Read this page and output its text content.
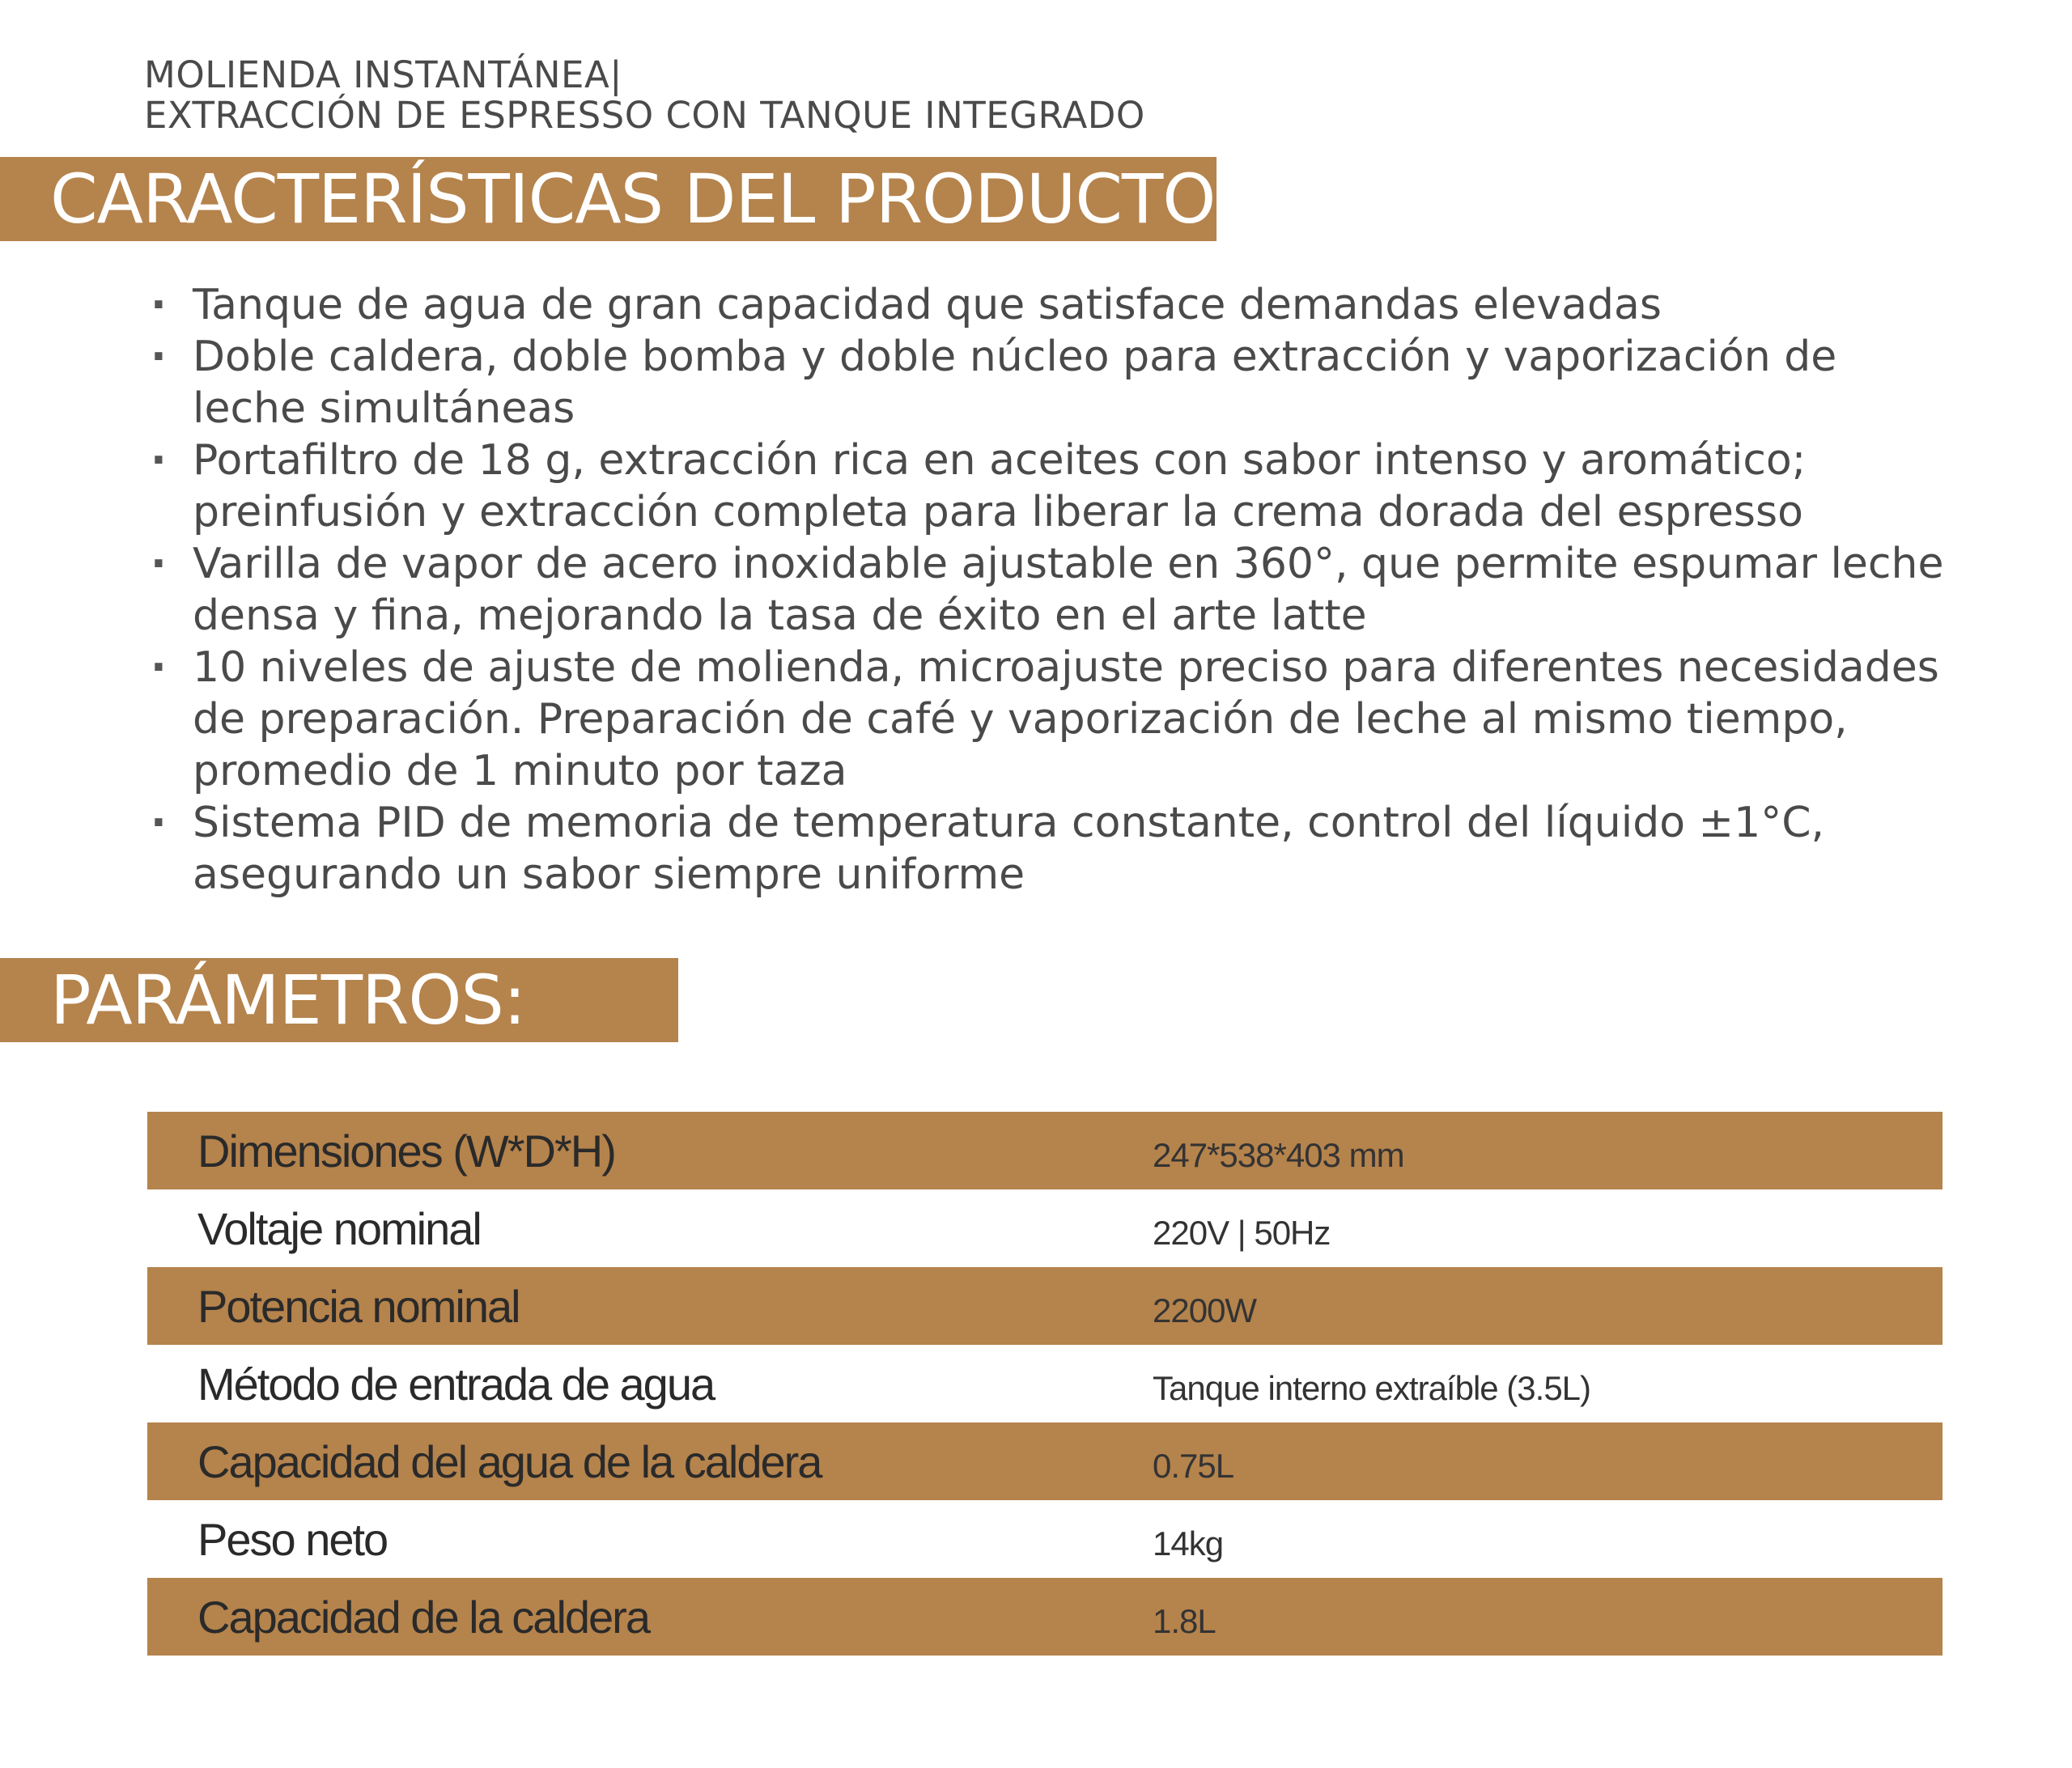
MOLIENDA INSTANTÁNEA|
EXTRACCIÓN DE ESPRESSO CON TANQUE INTEGRADO
CARACTERÍSTICAS DEL PRODUCTO:
· Tanque de agua de gran capacidad que satisface demandas elevadas
· Doble caldera, doble bomba y doble núcleo para extracción y vaporización de leche simultáneas
· Portafiltro de 18 g, extracción rica en aceites con sabor intenso y aromático; preinfusión y extracción completa para liberar la crema dorada del espresso
· Varilla de vapor de acero inoxidable ajustable en 360°, que permite espumar leche densa y fina, mejorando la tasa de éxito en el arte latte
· 10 niveles de ajuste de molienda, microajuste preciso para diferentes necesidades de preparación. Preparación de café y vaporización de leche al mismo tiempo, promedio de 1 minuto por taza
· Sistema PID de memoria de temperatura constante, control del líquido ±1°C, asegurando un sabor siempre uniforme
PARÁMETROS:
Dimensiones (W*D*H)	247*538*403 mm
Voltaje nominal	220V | 50Hz
Potencia nominal	2200W
Método de entrada de agua	Tanque interno extraíble (3.5L)
Capacidad del agua de la caldera	0.75L
Peso neto	14kg
Capacidad de la caldera	1.8L
